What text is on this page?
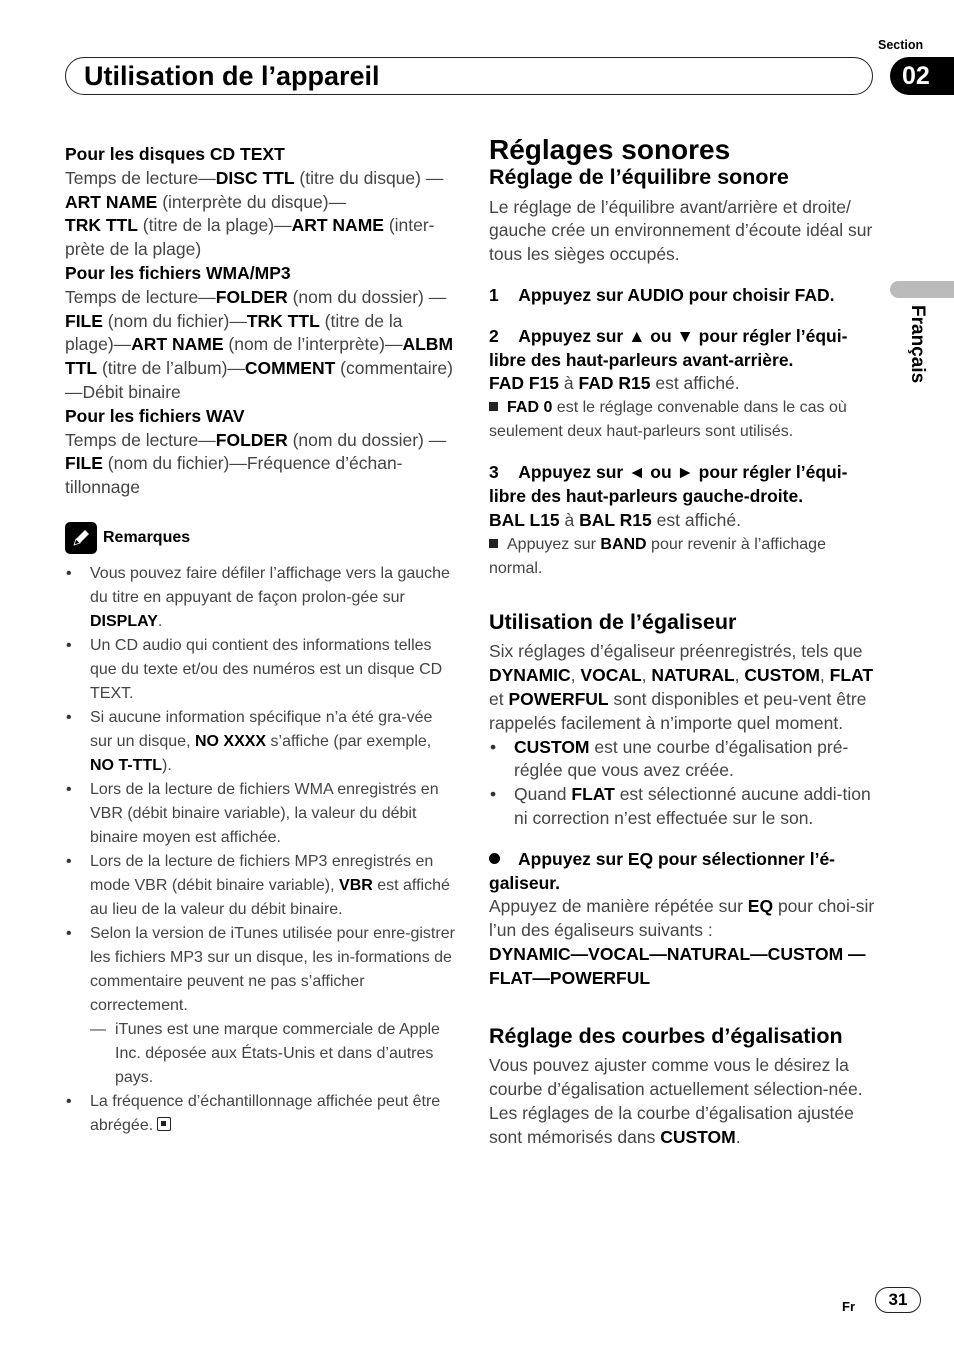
Utilisation de l’appareil
Section
02
Français
Pour les disques CD TEXT
Temps de lecture—DISC TTL (titre du disque) —ART NAME (interprète du disque)—
TRK TTL (titre de la plage)—ART NAME (inter-prète de la plage)
Pour les fichiers WMA/MP3
Temps de lecture—FOLDER (nom du dossier) —FILE (nom du fichier)—TRK TTL (titre de la plage)—ART NAME (nom de l’interprète)—ALBM TTL (titre de l’album)—COMMENT (commentaire)—Débit binaire
Pour les fichiers WAV
Temps de lecture—FOLDER (nom du dossier) —FILE (nom du fichier)—Fréquence d’échan-tillonnage
Remarques
• Vous pouvez faire défiler l’affichage vers la gauche du titre en appuyant de façon prolon-gée sur DISPLAY.
• Un CD audio qui contient des informations telles que du texte et/ou des numéros est un disque CD TEXT.
• Si aucune information spécifique n’a été gra-vée sur un disque, NO XXXX s’affiche (par exemple, NO T-TTL).
• Lors de la lecture de fichiers WMA enregistrés en VBR (débit binaire variable), la valeur du débit binaire moyen est affichée.
• Lors de la lecture de fichiers MP3 enregistrés en mode VBR (débit binaire variable), VBR est affiché au lieu de la valeur du débit binaire.
• Selon la version de iTunes utilisée pour enre-gistrer les fichiers MP3 sur un disque, les in-formations de commentaire peuvent ne pas s’afficher correctement.
— iTunes est une marque commerciale de Apple Inc. déposée aux États-Unis et dans d’autres pays.
• La fréquence d’échantillonnage affichée peut être abrégée.
Réglages sonores
Réglage de l’équilibre sonore
Le réglage de l’équilibre avant/arrière et droite/ gauche crée un environnement d’écoute idéal sur tous les sièges occupés.
1 Appuyez sur AUDIO pour choisir FAD.
2 Appuyez sur ▲ ou ▼ pour régler l’équi-libre des haut-parleurs avant-arrière.
FAD F15 à FAD R15 est affiché.
FAD 0 est le réglage convenable dans le cas où seulement deux haut-parleurs sont utilisés.
3 Appuyez sur ◄ ou ► pour régler l’équi-libre des haut-parleurs gauche-droite.
BAL L15 à BAL R15 est affiché.
Appuyez sur BAND pour revenir à l’affichage normal.
Utilisation de l’égaliseur
Six réglages d’égaliseur préenregistrés, tels que DYNAMIC, VOCAL, NATURAL, CUSTOM, FLAT et POWERFUL sont disponibles et peu-vent être rappelés facilement à n’importe quel moment.
• CUSTOM est une courbe d’égalisation pré-réglée que vous avez créée.
• Quand FLAT est sélectionné aucune addi-tion ni correction n’est effectuée sur le son.
Appuyez sur EQ pour sélectionner l’é-galiseur.
Appuyez de manière répétée sur EQ pour choi-sir l’un des égaliseurs suivants :
DYNAMIC—VOCAL—NATURAL—CUSTOM —FLAT—POWERFUL
Réglage des courbes d’égalisation
Vous pouvez ajuster comme vous le désirez la courbe d’égalisation actuellement sélection-née. Les réglages de la courbe d’égalisation ajustée sont mémorisés dans CUSTOM.
Fr	31
